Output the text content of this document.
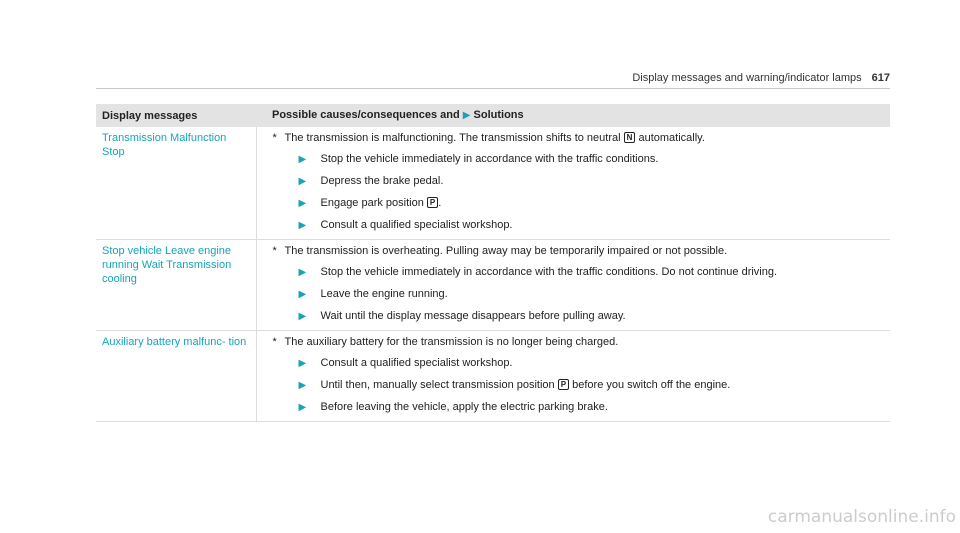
Display messages and warning/indicator lamps 617
Display messages	Possible causes/consequences and ▶ Solutions
Transmission Malfunction Stop	* The transmission is malfunctioning. The transmission shifts to neutral N automatically.
▶ Stop the vehicle immediately in accordance with the traffic conditions.
▶ Depress the brake pedal.
▶ Engage park position P .
▶ Consult a qualified specialist workshop.

Stop vehicle Leave engine running Wait Transmission cooling	* The transmission is overheating. Pulling away may be temporarily impaired or not possible.
▶ Stop the vehicle immediately in accordance with the traffic conditions. Do not continue driving.
▶ Leave the engine running.
▶ Wait until the display message disappears before pulling away.

Auxiliary battery malfunc- tion	* The auxiliary battery for the transmission is no longer being charged.
▶ Consult a qualified specialist workshop.
▶ Until then, manually select transmission position P before you switch off the engine.
▶ Before leaving the vehicle, apply the electric parking brake.
carmanualsonline.info
